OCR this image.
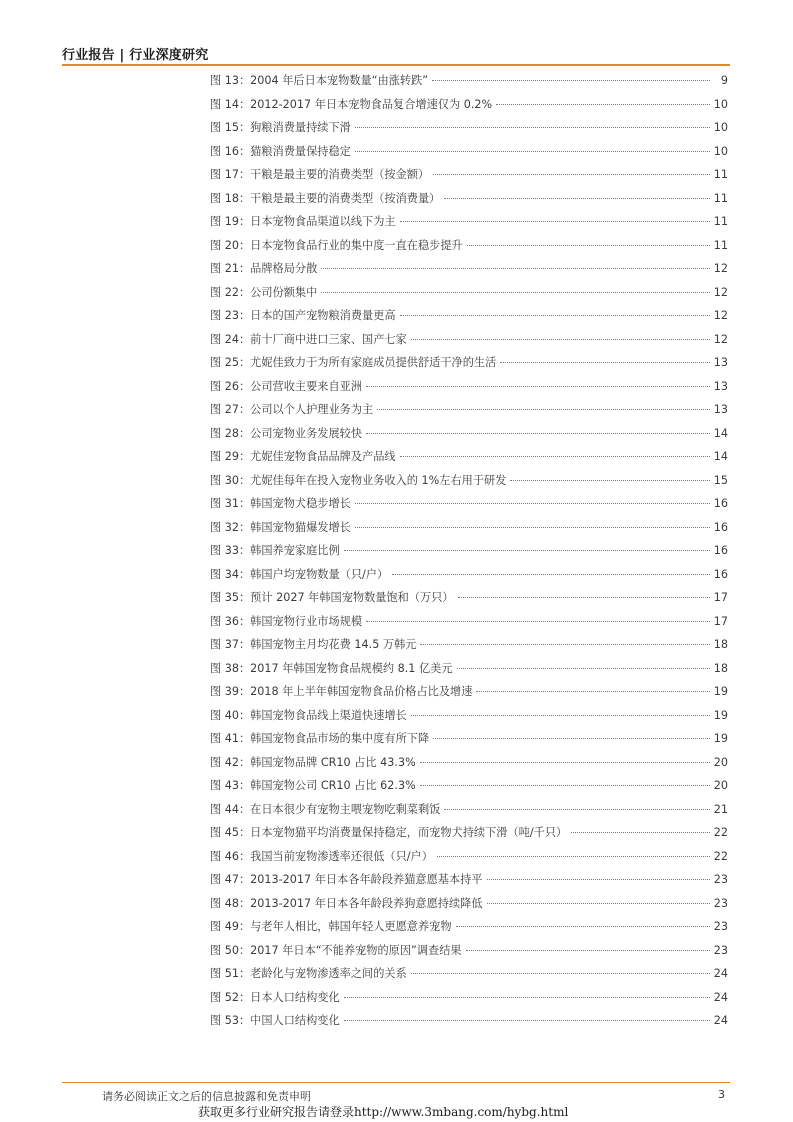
行业报告 | 行业深度研究
图 13：2004 年后日本宠物数量“由涨转跌”	9
图 14：2012-2017 年日本宠物食品复合增速仅为 0.2%	10
图 15：狗粮消费量持续下滑	10
图 16：猫粮消费量保持稳定	10
图 17：干粮是最主要的消费类型（按金额）	11
图 18：干粮是最主要的消费类型（按消费量）	11
图 19：日本宠物食品渠道以线下为主	11
图 20：日本宠物食品行业的集中度一直在稳步提升	11
图 21：品牌格局分散	12
图 22：公司份额集中	12
图 23：日本的国产宠物粮消费量更高	12
图 24：前十厂商中进口三家、国产七家	12
图 25：尤妮佳致力于为所有家庭成员提供舒适干净的生活	13
图 26：公司营收主要来自亚洲	13
图 27：公司以个人护理业务为主	13
图 28：公司宠物业务发展较快	14
图 29：尤妮佳宠物食品品牌及产品线	14
图 30：尤妮佳每年在投入宠物业务收入的 1%左右用于研发	15
图 31：韩国宠物犬稳步增长	16
图 32：韩国宠物猫爆发增长	16
图 33：韩国养宠家庭比例	16
图 34：韩国户均宠物数量（只/户）	16
图 35：预计 2027 年韩国宠物数量饱和（万只）	17
图 36：韩国宠物行业市场规模	17
图 37：韩国宠物主月均花费 14.5 万韩元	18
图 38：2017 年韩国宠物食品规模约 8.1 亿美元	18
图 39：2018 年上半年韩国宠物食品价格占比及增速	19
图 40：韩国宠物食品线上渠道快速增长	19
图 41：韩国宠物食品市场的集中度有所下降	19
图 42：韩国宠物品牌 CR10 占比 43.3%	20
图 43：韩国宠物公司 CR10 占比 62.3%	20
图 44：在日本很少有宠物主喂宠物吃剩菜剩饭	21
图 45：日本宠物猫平均消费量保持稳定，而宠物犬持续下滑（吨/千只）	22
图 46：我国当前宠物渗透率还很低（只/户）	22
图 47：2013-2017 年日本各年龄段养猫意愿基本持平	23
图 48：2013-2017 年日本各年龄段养狗意愿持续降低	23
图 49：与老年人相比，韩国年轻人更愿意养宠物	23
图 50：2017 年日本“不能养宠物的原因”调查结果	23
图 51：老龄化与宠物渗透率之间的关系	24
图 52：日本人口结构变化	24
图 53：中国人口结构变化	24
请务必阅读正文之后的信息披露和免责申明	3
获取更多行业研究报告请登录http://www.3mbang.com/hybg.html
